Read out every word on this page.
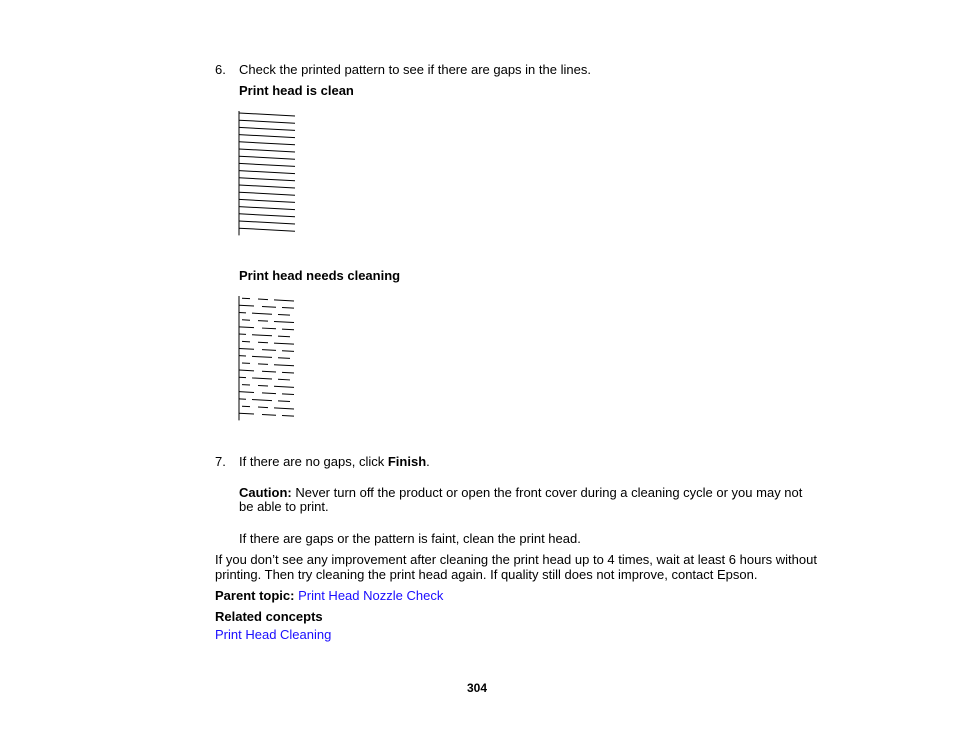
6. Check the printed pattern to see if there are gaps in the lines.
Print head is clean
Print head needs cleaning
7. If there are no gaps, click Finish.
Caution: Never turn off the product or open the front cover during a cleaning cycle or you may not
be able to print.
If there are gaps or the pattern is faint, clean the print head.
If you don’t see any improvement after cleaning the print head up to 4 times, wait at least 6 hours without
printing. Then try cleaning the print head again. If quality still does not improve, contact Epson.
Parent topic: Print Head Nozzle Check
Related concepts
Print Head Cleaning
304
